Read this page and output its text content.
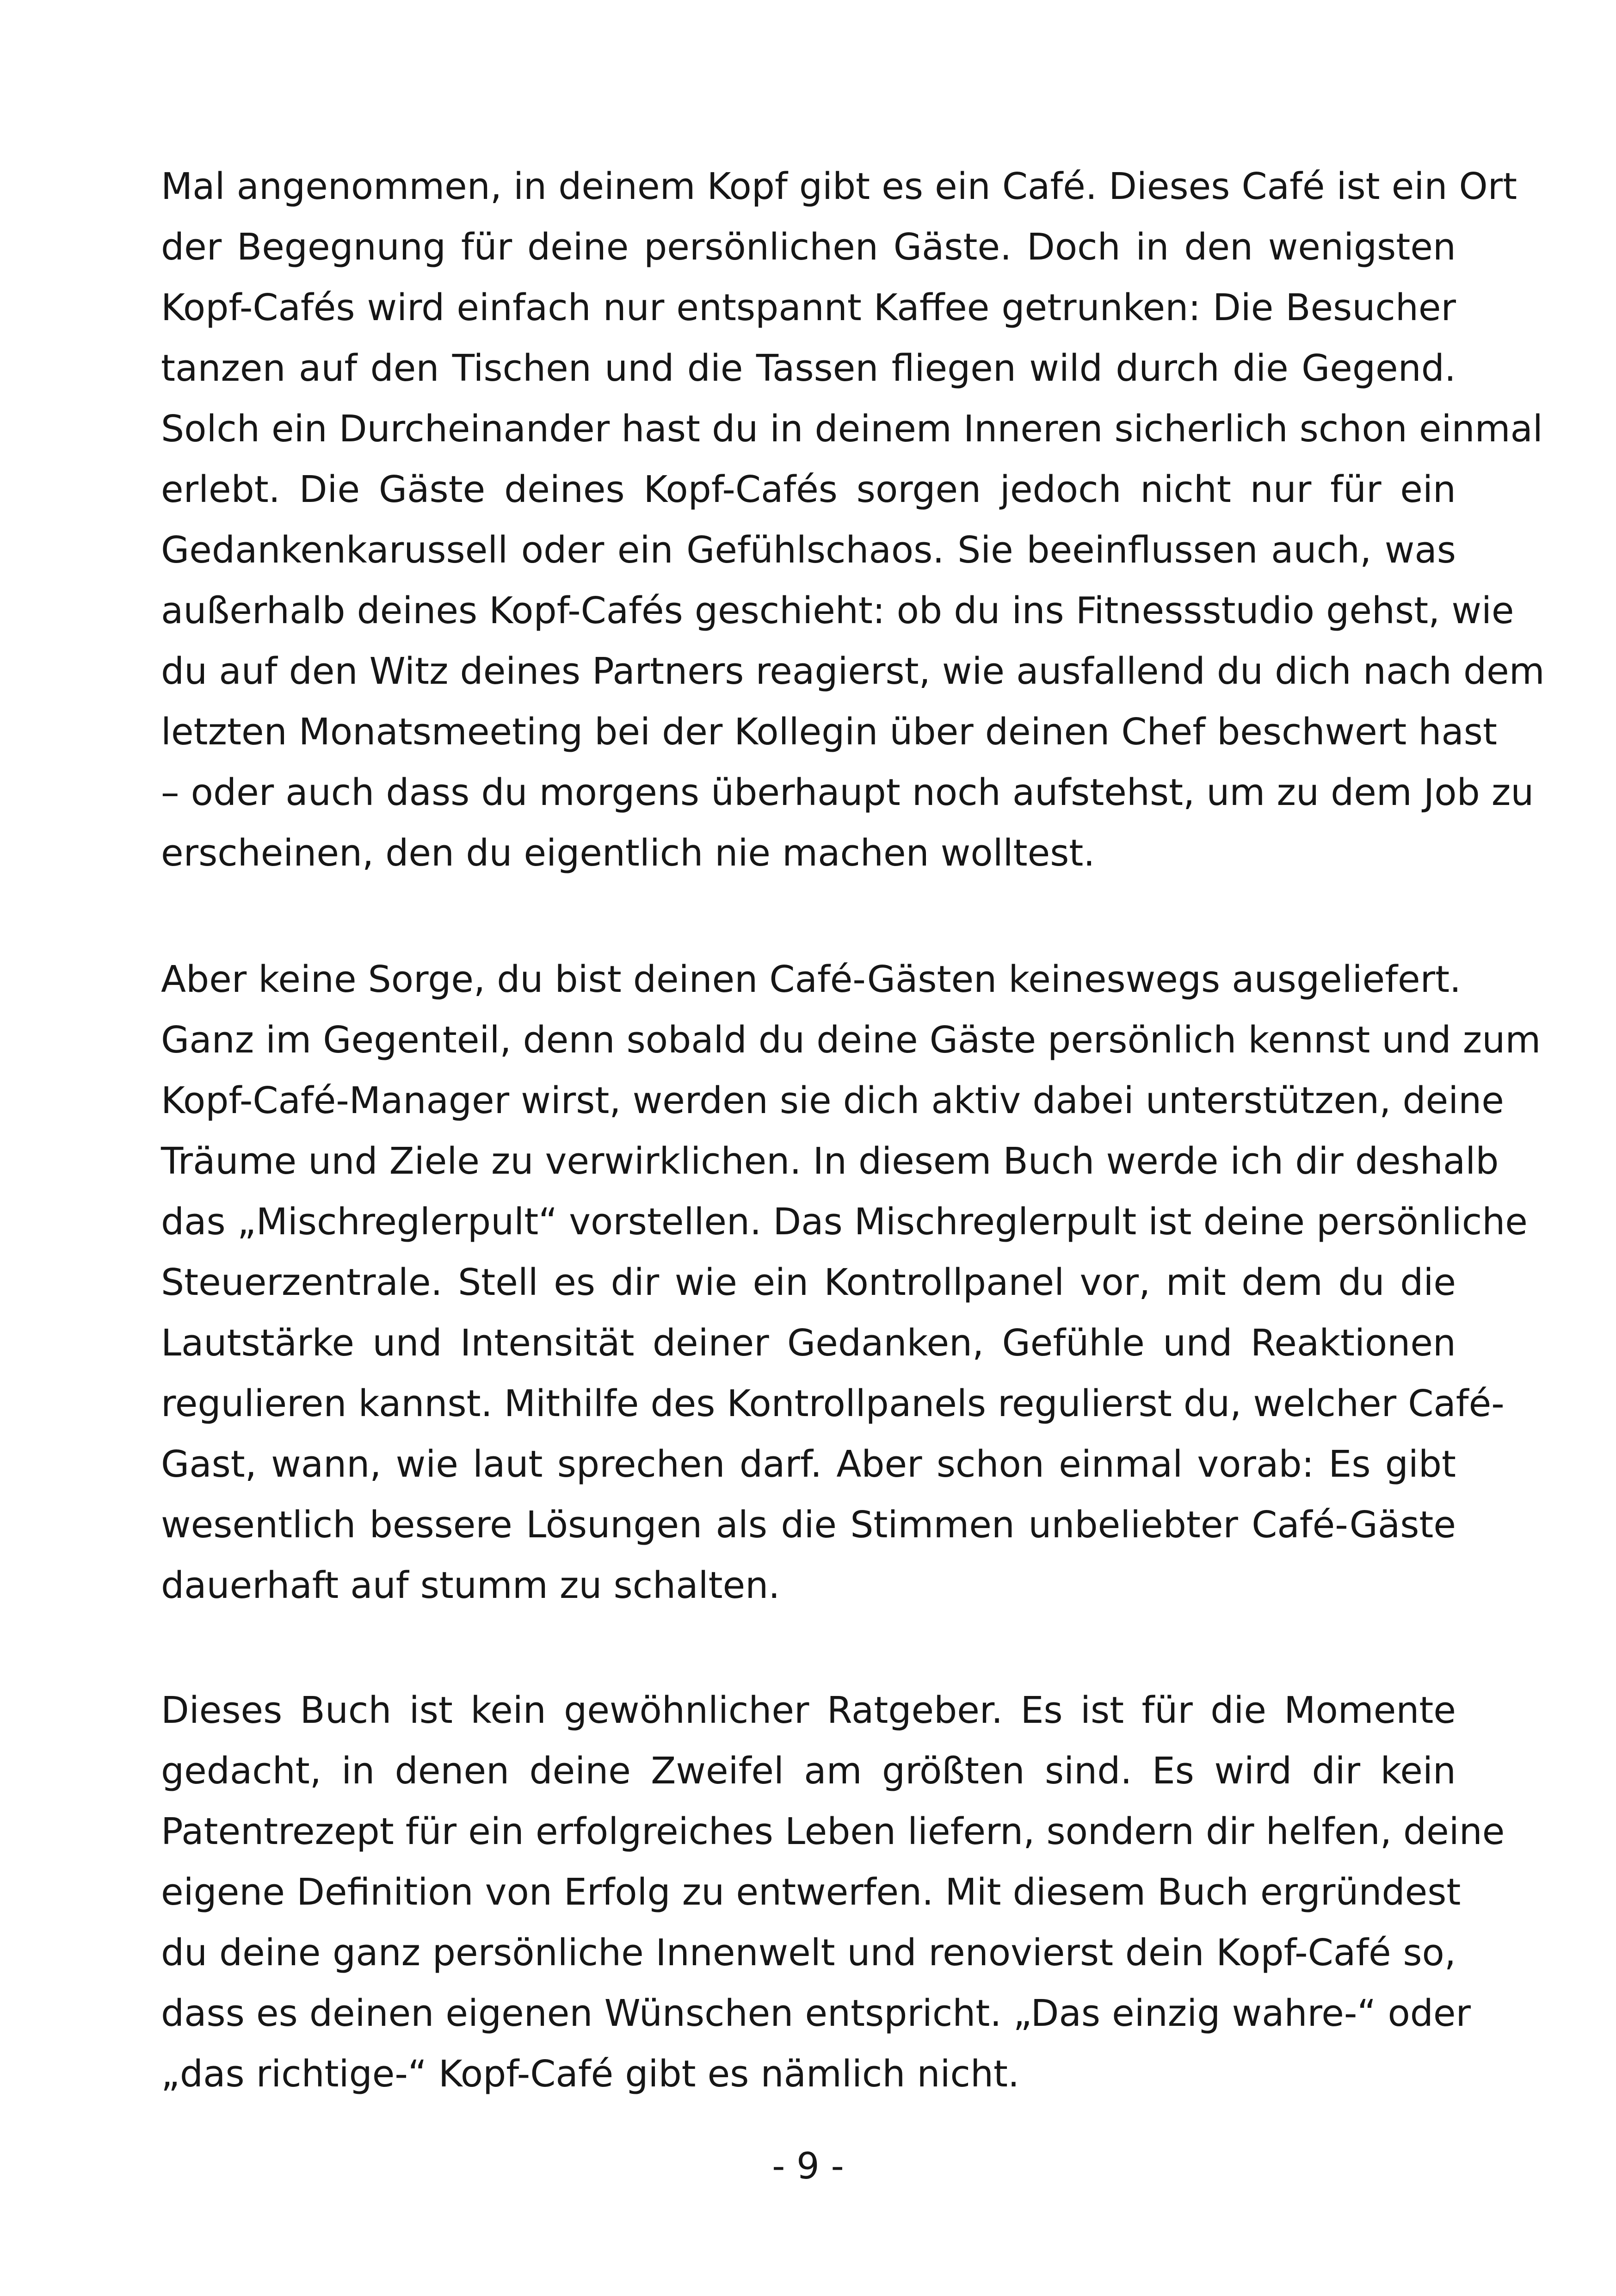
Mal angenommen, in deinem Kopf gibt es ein Café. Dieses Café ist ein Ort
der Begegnung für deine persönlichen Gäste. Doch in den wenigsten
Kopf-Cafés wird einfach nur entspannt Kaffee getrunken: Die Besucher
tanzen auf den Tischen und die Tassen fliegen wild durch die Gegend.
Solch ein Durcheinander hast du in deinem Inneren sicherlich schon einmal
erlebt. Die Gäste deines Kopf-Cafés sorgen jedoch nicht nur für ein
Gedankenkarussell oder ein Gefühlschaos. Sie beeinflussen auch, was
außerhalb deines Kopf-Cafés geschieht: ob du ins Fitnessstudio gehst, wie
du auf den Witz deines Partners reagierst, wie ausfallend du dich nach dem
letzten Monatsmeeting bei der Kollegin über deinen Chef beschwert hast
– oder auch dass du morgens überhaupt noch aufstehst, um zu dem Job zu
erscheinen, den du eigentlich nie machen wolltest.
Aber keine Sorge, du bist deinen Café-Gästen keineswegs ausgeliefert.
Ganz im Gegenteil, denn sobald du deine Gäste persönlich kennst und zum
Kopf-Café-Manager wirst, werden sie dich aktiv dabei unterstützen, deine
Träume und Ziele zu verwirklichen. In diesem Buch werde ich dir deshalb
das „Mischreglerpult“ vorstellen. Das Mischreglerpult ist deine persönliche
Steuerzentrale. Stell es dir wie ein Kontrollpanel vor, mit dem du die
Lautstärke und Intensität deiner Gedanken, Gefühle und Reaktionen
regulieren kannst. Mithilfe des Kontrollpanels regulierst du, welcher Café-
Gast, wann, wie laut sprechen darf. Aber schon einmal vorab: Es gibt
wesentlich bessere Lösungen als die Stimmen unbeliebter Café-Gäste
dauerhaft auf stumm zu schalten.
Dieses Buch ist kein gewöhnlicher Ratgeber. Es ist für die Momente
gedacht, in denen deine Zweifel am größten sind. Es wird dir kein
Patentrezept für ein erfolgreiches Leben liefern, sondern dir helfen, deine
eigene Definition von Erfolg zu entwerfen. Mit diesem Buch ergründest
du deine ganz persönliche Innenwelt und renovierst dein Kopf-Café so,
dass es deinen eigenen Wünschen entspricht. „Das einzig wahre-“ oder
„das richtige-“ Kopf-Café gibt es nämlich nicht.
- 9 -
